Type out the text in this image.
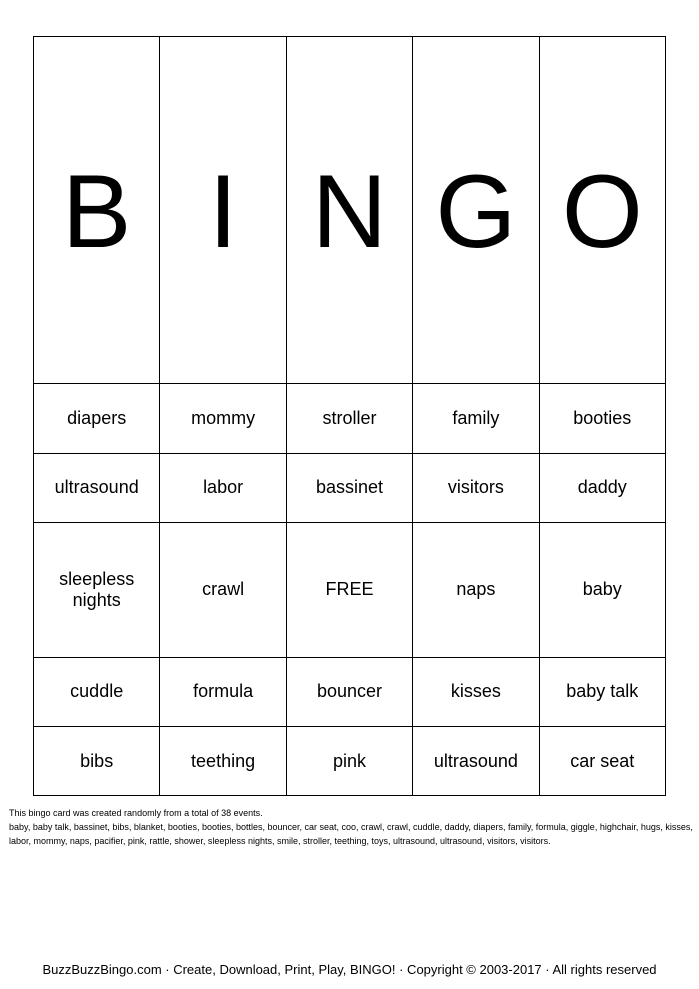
B	I	N	G	O
diapers	mommy	stroller	family	booties
ultrasound	labor	bassinet	visitors	daddy
sleepless nights	crawl	FREE	naps	baby
cuddle	formula	bouncer	kisses	baby talk
bibs	teething	pink	ultrasound	car seat
This bingo card was created randomly from a total of 38 events.
baby, baby talk, bassinet, bibs, blanket, booties, booties, bottles, bouncer, car seat, coo, crawl, crawl, cuddle, daddy, diapers, family, formula, giggle, highchair, hugs, kisses, labor, mommy, naps, pacifier, pink, rattle, shower, sleepless nights, smile, stroller, teething, toys, ultrasound, ultrasound, visitors, visitors.
BuzzBuzzBingo.com · Create, Download, Print, Play, BINGO! · Copyright © 2003-2017 · All rights reserved
